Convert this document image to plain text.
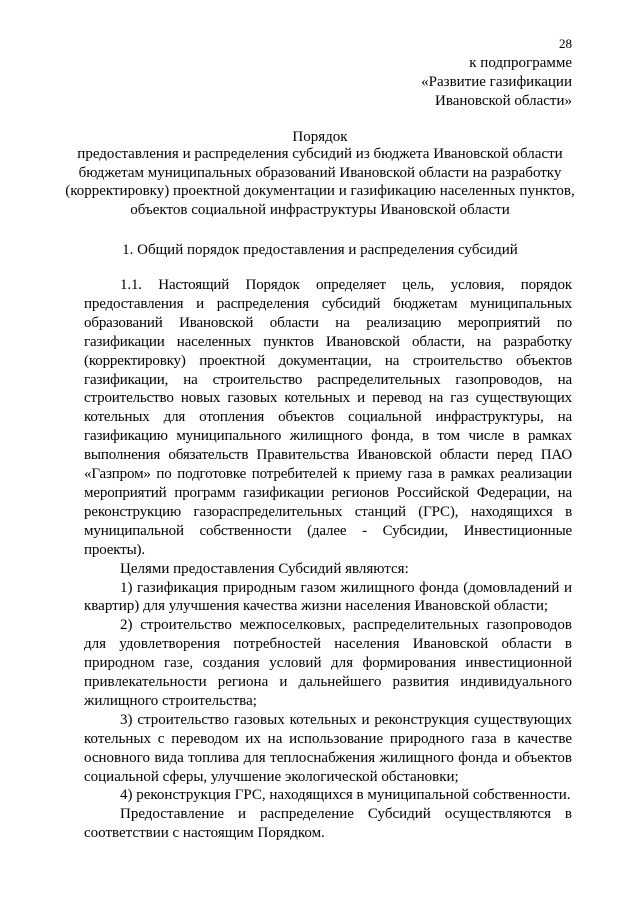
28
к подпрограмме
«Развитие газификации
Ивановской области»
Порядок
предоставления и распределения субсидий из бюджета Ивановской области бюджетам муниципальных образований Ивановской области на разработку (корректировку) проектной документации и газификацию населенных пунктов, объектов социальной инфраструктуры Ивановской области
1. Общий порядок предоставления и распределения субсидий

1.1. Настоящий Порядок определяет цель, условия, порядок предоставления и распределения субсидий бюджетам муниципальных образований Ивановской области на реализацию мероприятий по газификации населенных пунктов Ивановской области, на разработку (корректировку) проектной документации, на строительство объектов газификации, на строительство распределительных газопроводов, на строительство новых газовых котельных и перевод на газ существующих котельных для отопления объектов социальной инфраструктуры, на газификацию муниципального жилищного фонда, в том числе в рамках выполнения обязательств Правительства Ивановской области перед ПАО «Газпром» по подготовке потребителей к приему газа в рамках реализации мероприятий программ газификации регионов Российской Федерации, на реконструкцию газораспределительных станций (ГРС), находящихся в муниципальной собственности (далее - Субсидии, Инвестиционные проекты).

Целями предоставления Субсидий являются:

1) газификация природным газом жилищного фонда (домовладений и квартир) для улучшения качества жизни населения Ивановской области;

2) строительство межпоселковых, распределительных газопроводов для удовлетворения потребностей населения Ивановской области в природном газе, создания условий для формирования инвестиционной привлекательности региона и дальнейшего развития индивидуального жилищного строительства;

3) строительство газовых котельных и реконструкция существующих котельных с переводом их на использование природного газа в качестве основного вида топлива для теплоснабжения жилищного фонда и объектов социальной сферы, улучшение экологической обстановки;

4) реконструкция ГРС, находящихся в муниципальной собственности.

Предоставление и распределение Субсидий осуществляются в соответствии с настоящим Порядком.
